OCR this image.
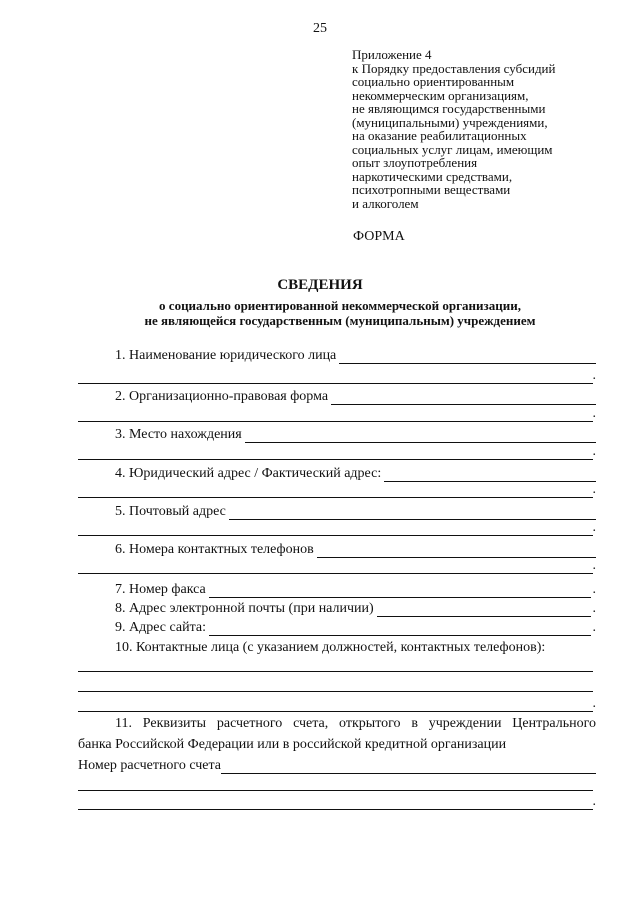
25
Приложение 4
к Порядку предоставления субсидий
социально ориентированным
некоммерческим организациям,
не являющимся государственными
(муниципальными) учреждениями,
на оказание реабилитационных
социальных услуг лицам, имеющим
опыт злоупотребления
наркотическими средствами,
психотропными веществами
и алкоголем
ФОРМА
СВЕДЕНИЯ
о социально ориентированной некоммерческой организации,
не являющейся государственным (муниципальным) учреждением
1. Наименование юридического лица
.
2. Организационно-правовая форма
.
3. Место нахождения
.
4. Юридический адрес / Фактический адрес:
.
5. Почтовый адрес
.
6. Номера контактных телефонов
.
7. Номер факса	.
8. Адрес электронной почты (при наличии)	.
9. Адрес сайта:	.
10. Контактные лица (с указанием должностей, контактных телефонов):
.
11. Реквизиты расчетного счета, открытого в учреждении Центрального
банка Российской Федерации или в российской кредитной организации
Номер расчетного счета
.
